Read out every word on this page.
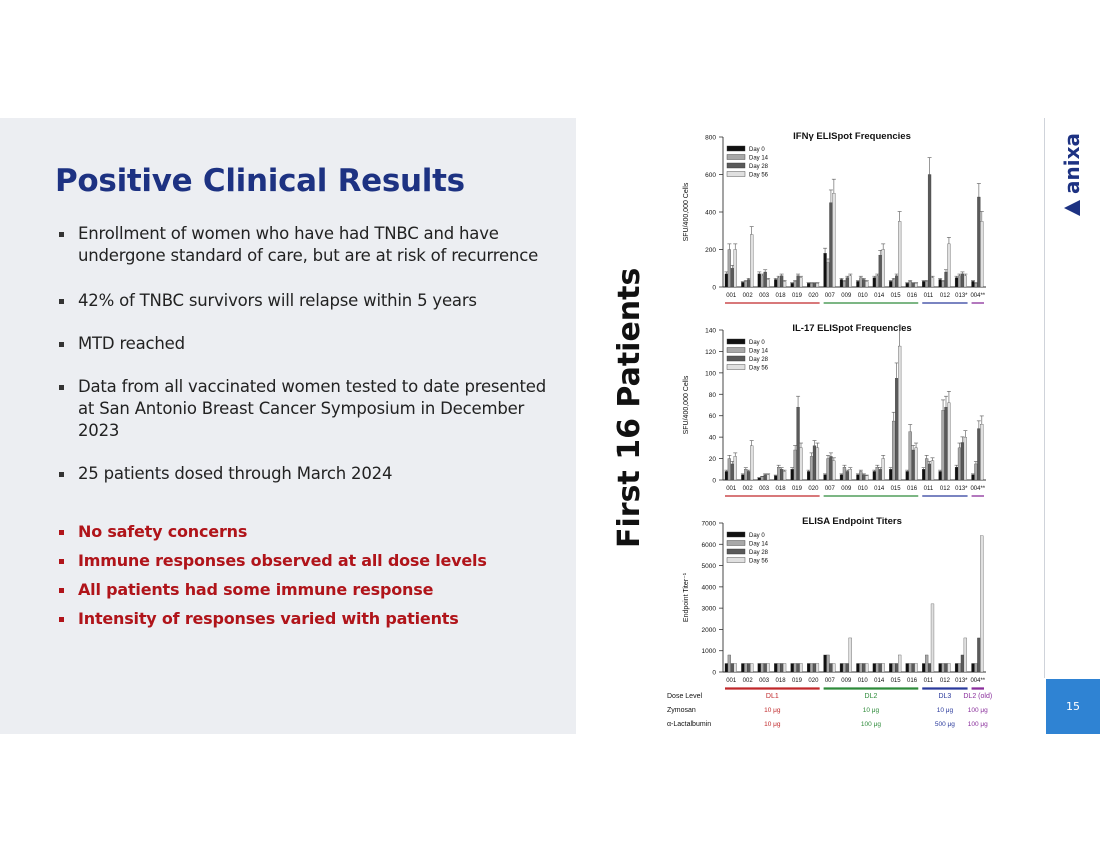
Positive Clinical Results
Enrollment of women who have had TNBC and have undergone standard of care, but are at risk of recurrence
42% of TNBC survivors will relapse within 5 years
MTD reached
Data from all vaccinated women tested to date presented at San Antonio Breast Cancer Symposium in December 2023
25 patients dosed through March 2024
No safety concerns
Immune responses observed at all dose levels
All patients had some immune response
Intensity of responses varied with patients
First 16 Patients
IFNγ ELISpot Frequencies
0
200
400
600
800
SFU/400,000 Cells
001 002 003 018 019 020 007 009 010 014 015 016 011 012 013* 004**
Day 0
Day 14
Day 28
Day 56
IL-17 ELISpot Frequencies
0
20
40
60
80
100
120
140
SFU/400,000 Cells
001 002 003 018 019 020 007 009 010 014 015 016 011 012 013* 004**
Day 0
Day 14
Day 28
Day 56
ELISA Endpoint Titers
0
1000
2000
3000
4000
5000
6000
7000
Endpoint Titer⁻¹
001 002 003 018 019 020 007 009 010 014 015 016 011 012 013* 004**
Day 0
Day 14
Day 28
Day 56
Dose Level
Zymosan
α-Lactalbumin
DL1
10 μg
10 μg
DL2
10 μg
100 μg
DL3
10 μg
500 μg
DL2 (old)
100 μg
100 μg
anixa
15
